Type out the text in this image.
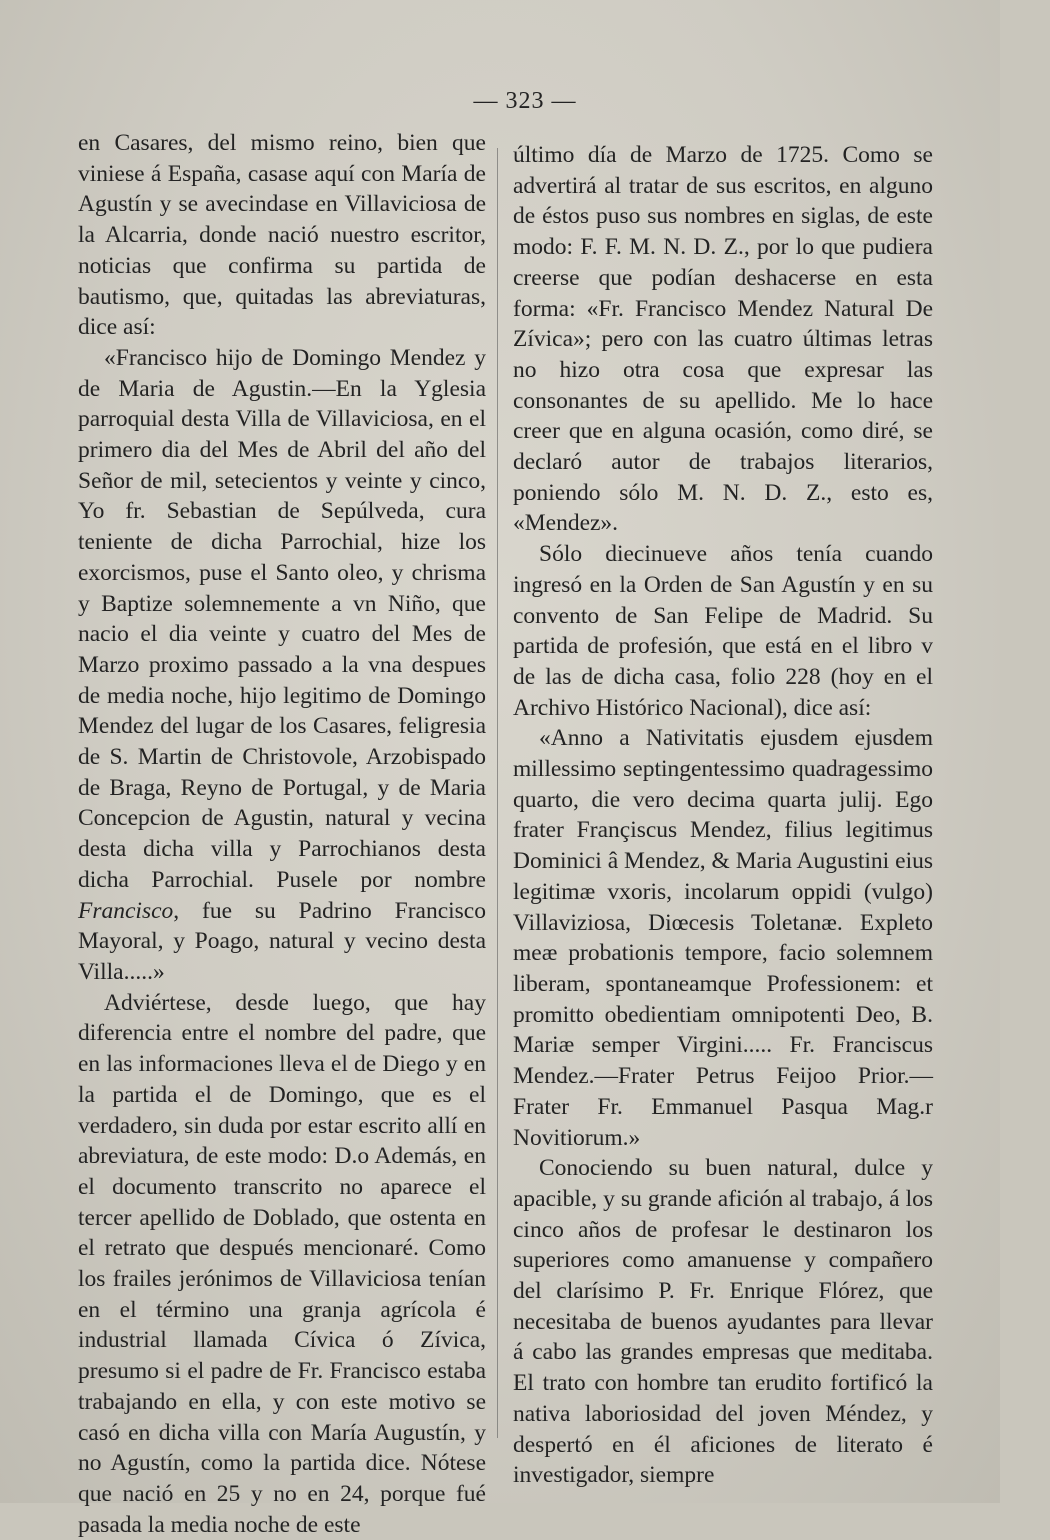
— 323 —

en Casares, del mismo reino, bien que viniese á España, casase aquí con María de Agustín y se avecindase en Villaviciosa de la Alcarria, donde nació nuestro escritor, noticias que confirma su partida de bautismo, que, quitadas las abreviaturas, dice así:

«Francisco hijo de Domingo Mendez y de Maria de Agustin.—En la Yglesia parroquial desta Villa de Villaviciosa, en el primero dia del Mes de Abril del año del Señor de mil, setecientos y veinte y cinco, Yo fr. Sebastian de Sepúlveda, cura teniente de dicha Parrochial, hize los exorcismos, puse el Santo oleo, y chrisma y Baptize solemnemente a vn Niño, que nacio el dia veinte y cuatro del Mes de Marzo proximo passado a la vna despues de media noche, hijo legitimo de Domingo Mendez del lugar de los Casares, feligresia de S. Martin de Christovole, Arzobispado de Braga, Reyno de Portugal, y de Maria Concepcion de Agustin, natural y vecina desta dicha villa y Parrochianos desta dicha Parrochial. Pusele por nombre Francisco, fue su Padrino Francisco Mayoral, y Poago, natural y vecino desta Villa.....»

Adviértese, desde luego, que hay diferencia entre el nombre del padre, que en las informaciones lleva el de Diego y en la partida el de Domingo, que es el verdadero, sin duda por estar escrito allí en abreviatura, de este modo: D.o Además, en el documento transcrito no aparece el tercer apellido de Doblado, que ostenta en el retrato que después mencionaré. Como los frailes jerónimos de Villaviciosa tenían en el término una granja agrícola é industrial llamada Cívica ó Zívica, presumo si el padre de Fr. Francisco estaba trabajando en ella, y con este motivo se casó en dicha villa con María Augustín, y no Agustín, como la partida dice. Nótese que nació en 25 y no en 24, porque fué pasada la media noche de este

último día de Marzo de 1725. Como se advertirá al tratar de sus escritos, en alguno de éstos puso sus nombres en siglas, de este modo: F. F. M. N. D. Z., por lo que pudiera creerse que podían deshacerse en esta forma: «Fr. Francisco Mendez Natural De Zívica»; pero con las cuatro últimas letras no hizo otra cosa que expresar las consonantes de su apellido. Me lo hace creer que en alguna ocasión, como diré, se declaró autor de trabajos literarios, poniendo sólo M. N. D. Z., esto es, «Mendez».

Sólo diecinueve años tenía cuando ingresó en la Orden de San Agustín y en su convento de San Felipe de Madrid. Su partida de profesión, que está en el libro v de las de dicha casa, folio 228 (hoy en el Archivo Histórico Nacional), dice así:

«Anno a Nativitatis ejusdem ejusdem millessimo septingentessimo quadragessimo quarto, die vero decima quarta julij. Ego frater Françiscus Mendez, filius legitimus Dominici â Mendez, & Maria Augustini eius legitimæ vxoris, incolarum oppidi (vulgo) Villaviziosa, Diœcesis Toletanæ. Expleto meæ probationis tempore, facio solemnem liberam, spontaneamque Professionem: et promitto obedientiam omnipotenti Deo, B. Mariæ semper Virgini..... Fr. Franciscus Mendez.—Frater Petrus Feijoo Prior.—Frater Fr. Emmanuel Pasqua Mag.r Novitiorum.»

Conociendo su buen natural, dulce y apacible, y su grande afición al trabajo, á los cinco años de profesar le destinaron los superiores como amanuense y compañero del clarísimo P. Fr. Enrique Flórez, que necesitaba de buenos ayudantes para llevar á cabo las grandes empresas que meditaba. El trato con hombre tan erudito fortificó la nativa laboriosidad del joven Méndez, y despertó en él aficiones de literato é investigador, siempre
